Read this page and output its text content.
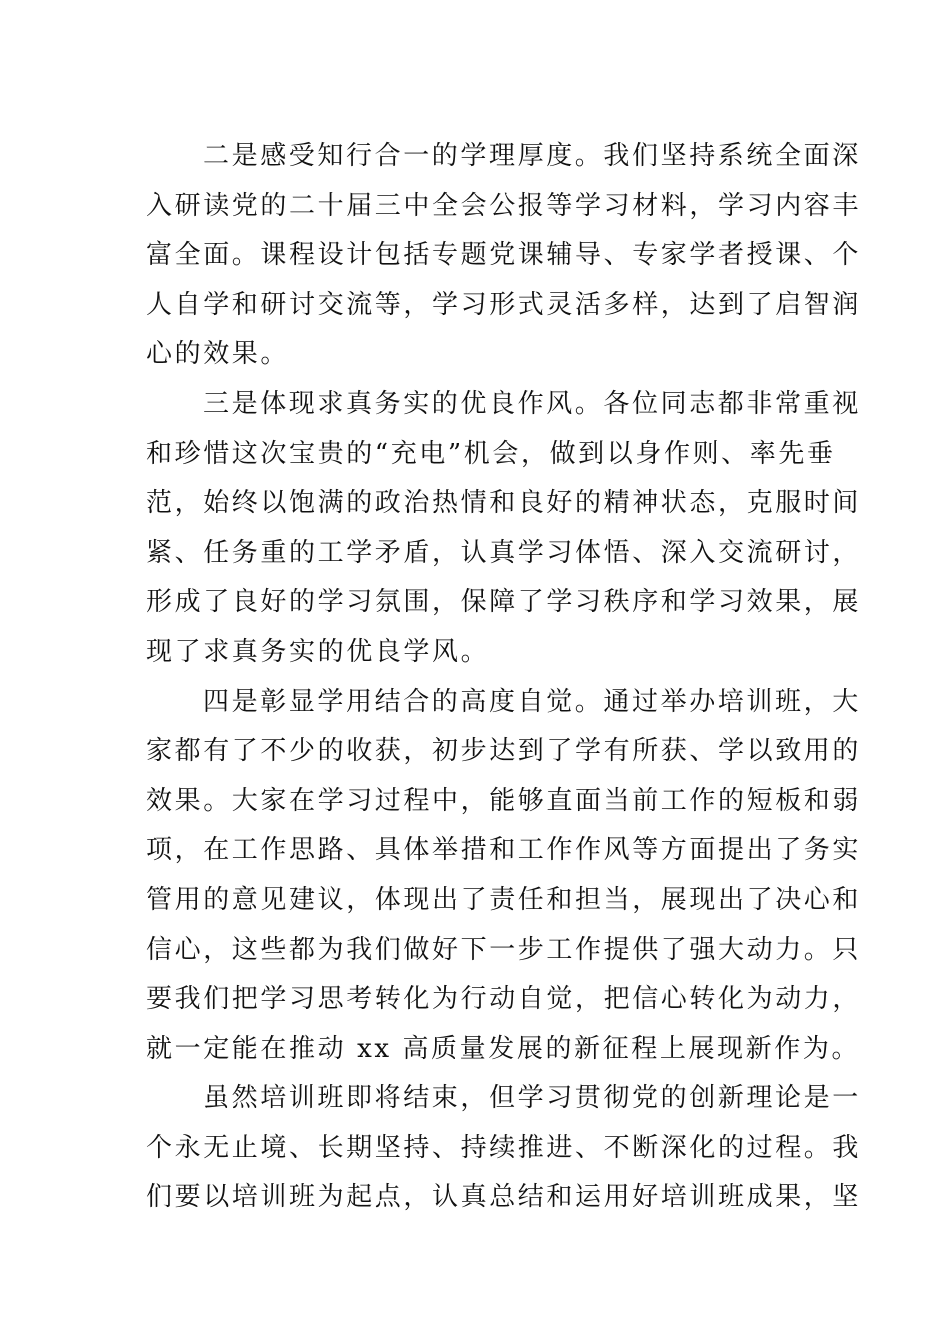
二是感受知行合一的学理厚度。我们坚持系统全面深
入研读党的二十届三中全会公报等学习材料，学习内容丰
富全面。课程设计包括专题党课辅导、专家学者授课、个
人自学和研讨交流等，学习形式灵活多样，达到了启智润
心的效果。

三是体现求真务实的优良作风。各位同志都非常重视
和珍惜这次宝贵的“充电”机会，做到以身作则、率先垂
范，始终以饱满的政治热情和良好的精神状态，克服时间
紧、任务重的工学矛盾，认真学习体悟、深入交流研讨，
形成了良好的学习氛围，保障了学习秩序和学习效果，展
现了求真务实的优良学风。

四是彰显学用结合的高度自觉。通过举办培训班，大
家都有了不少的收获，初步达到了学有所获、学以致用的
效果。大家在学习过程中，能够直面当前工作的短板和弱
项，在工作思路、具体举措和工作作风等方面提出了务实
管用的意见建议，体现出了责任和担当，展现出了决心和
信心，这些都为我们做好下一步工作提供了强大动力。只
要我们把学习思考转化为行动自觉，把信心转化为动力，
就一定能在推动 xx 高质量发展的新征程上展现新作为。

虽然培训班即将结束，但学习贯彻党的创新理论是一
个永无止境、长期坚持、持续推进、不断深化的过程。我
们要以培训班为起点，认真总结和运用好培训班成果，坚
